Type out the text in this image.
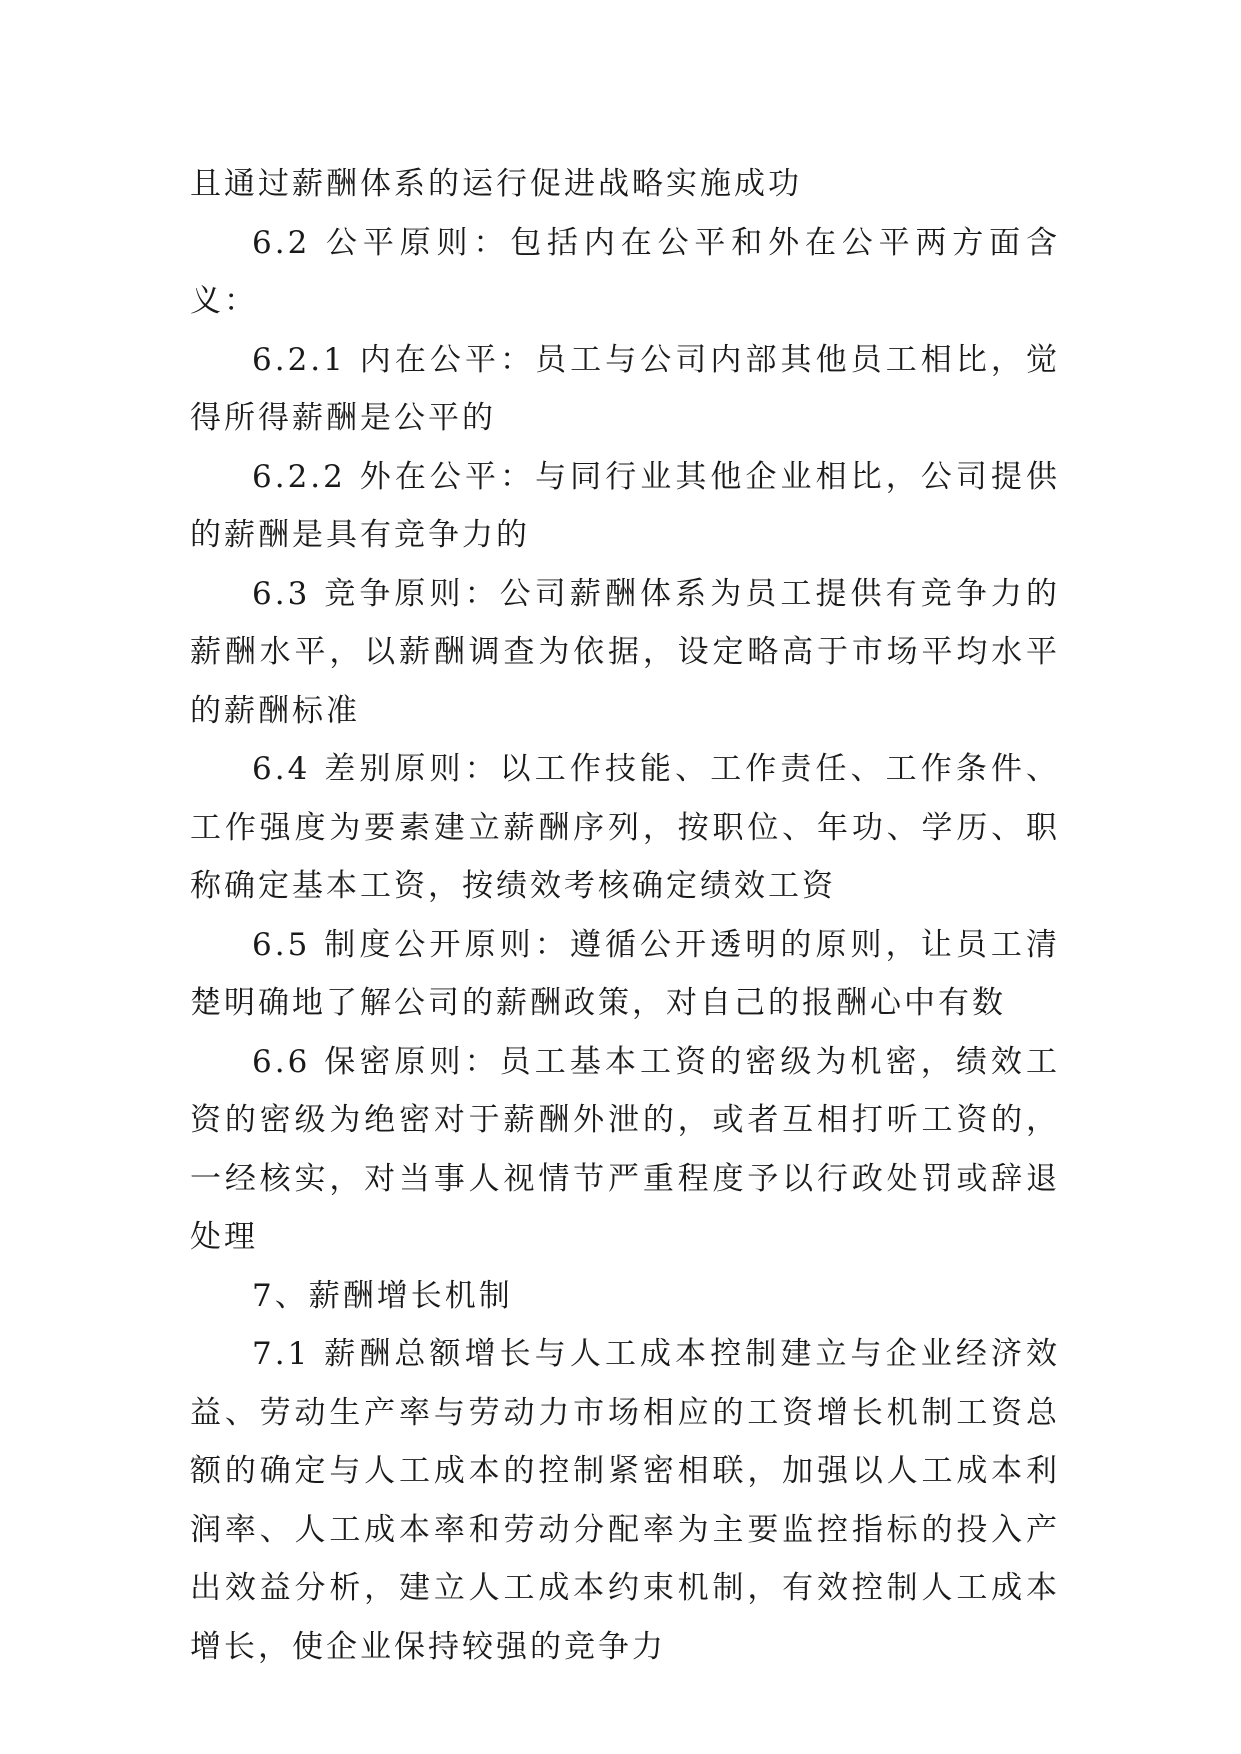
且通过薪酬体系的运行促进战略实施成功

6.2 公平原则：包括内在公平和外在公平两方面含义：

6.2.1 内在公平：员工与公司内部其他员工相比，觉得所得薪酬是公平的

6.2.2 外在公平：与同行业其他企业相比，公司提供的薪酬是具有竞争力的

6.3 竞争原则：公司薪酬体系为员工提供有竞争力的薪酬水平，以薪酬调查为依据，设定略高于市场平均水平的薪酬标准

6.4 差别原则：以工作技能、工作责任、工作条件、工作强度为要素建立薪酬序列，按职位、年功、学历、职称确定基本工资，按绩效考核确定绩效工资

6.5 制度公开原则：遵循公开透明的原则，让员工清楚明确地了解公司的薪酬政策，对自己的报酬心中有数

6.6 保密原则：员工基本工资的密级为机密，绩效工资的密级为绝密对于薪酬外泄的，或者互相打听工资的，一经核实，对当事人视情节严重程度予以行政处罚或辞退处理

7、薪酬增长机制

7.1 薪酬总额增长与人工成本控制建立与企业经济效益、劳动生产率与劳动力市场相应的工资增长机制工资总额的确定与人工成本的控制紧密相联，加强以人工成本利润率、人工成本率和劳动分配率为主要监控指标的投入产出效益分析，建立人工成本约束机制，有效控制人工成本增长，使企业保持较强的竞争力
